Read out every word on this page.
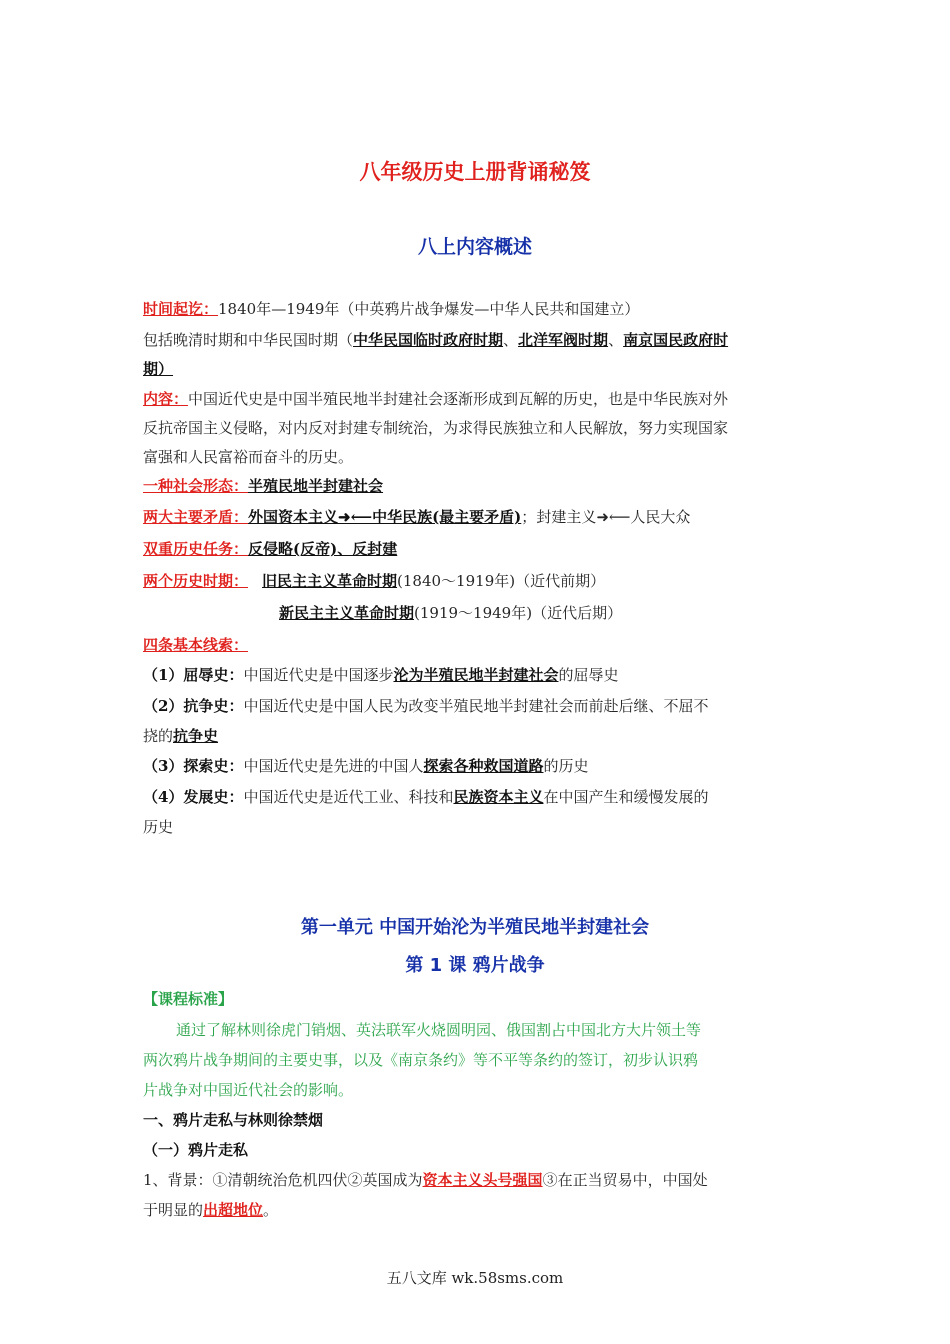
八年级历史上册背诵秘笈
八上内容概述
时间起讫：1840年—1949年（中英鸦片战争爆发—中华人民共和国建立）
包括晚清时期和中华民国时期（中华民国临时政府时期、北洋军阀时期、南京国民政府时
期）
内容：中国近代史是中国半殖民地半封建社会逐渐形成到瓦解的历史，也是中华民族对外
反抗帝国主义侵略，对内反对封建专制统治，为求得民族独立和人民解放，努力实现国家
富强和人民富裕而奋斗的历史。
一种社会形态：半殖民地半封建社会
两大主要矛盾：外国资本主义➜⟵中华民族(最主要矛盾)；封建主义➜⟵人民大众
双重历史任务：反侵略(反帝)、反封建
两个历史时期： 旧民主主义革命时期(1840～1919年)（近代前期）
新民主主义革命时期(1919～1949年)（近代后期）
四条基本线索：
（1）屈辱史：中国近代史是中国逐步沦为半殖民地半封建社会的屈辱史
（2）抗争史：中国近代史是中国人民为改变半殖民地半封建社会而前赴后继、不屈不
挠的抗争史
（3）探索史：中国近代史是先进的中国人探索各种救国道路的历史
（4）发展史：中国近代史是近代工业、科技和民族资本主义在中国产生和缓慢发展的
历史
第一单元 中国开始沦为半殖民地半封建社会
第 1 课 鸦片战争
【课程标准】
通过了解林则徐虎门销烟、英法联军火烧圆明园、俄国割占中国北方大片领土等
两次鸦片战争期间的主要史事，以及《南京条约》等不平等条约的签订，初步认识鸦
片战争对中国近代社会的影响。
一、鸦片走私与林则徐禁烟
（一）鸦片走私
1、背景：①清朝统治危机四伏②英国成为资本主义头号强国③在正当贸易中，中国处
于明显的出超地位。
五八文库 wk.58sms.com
